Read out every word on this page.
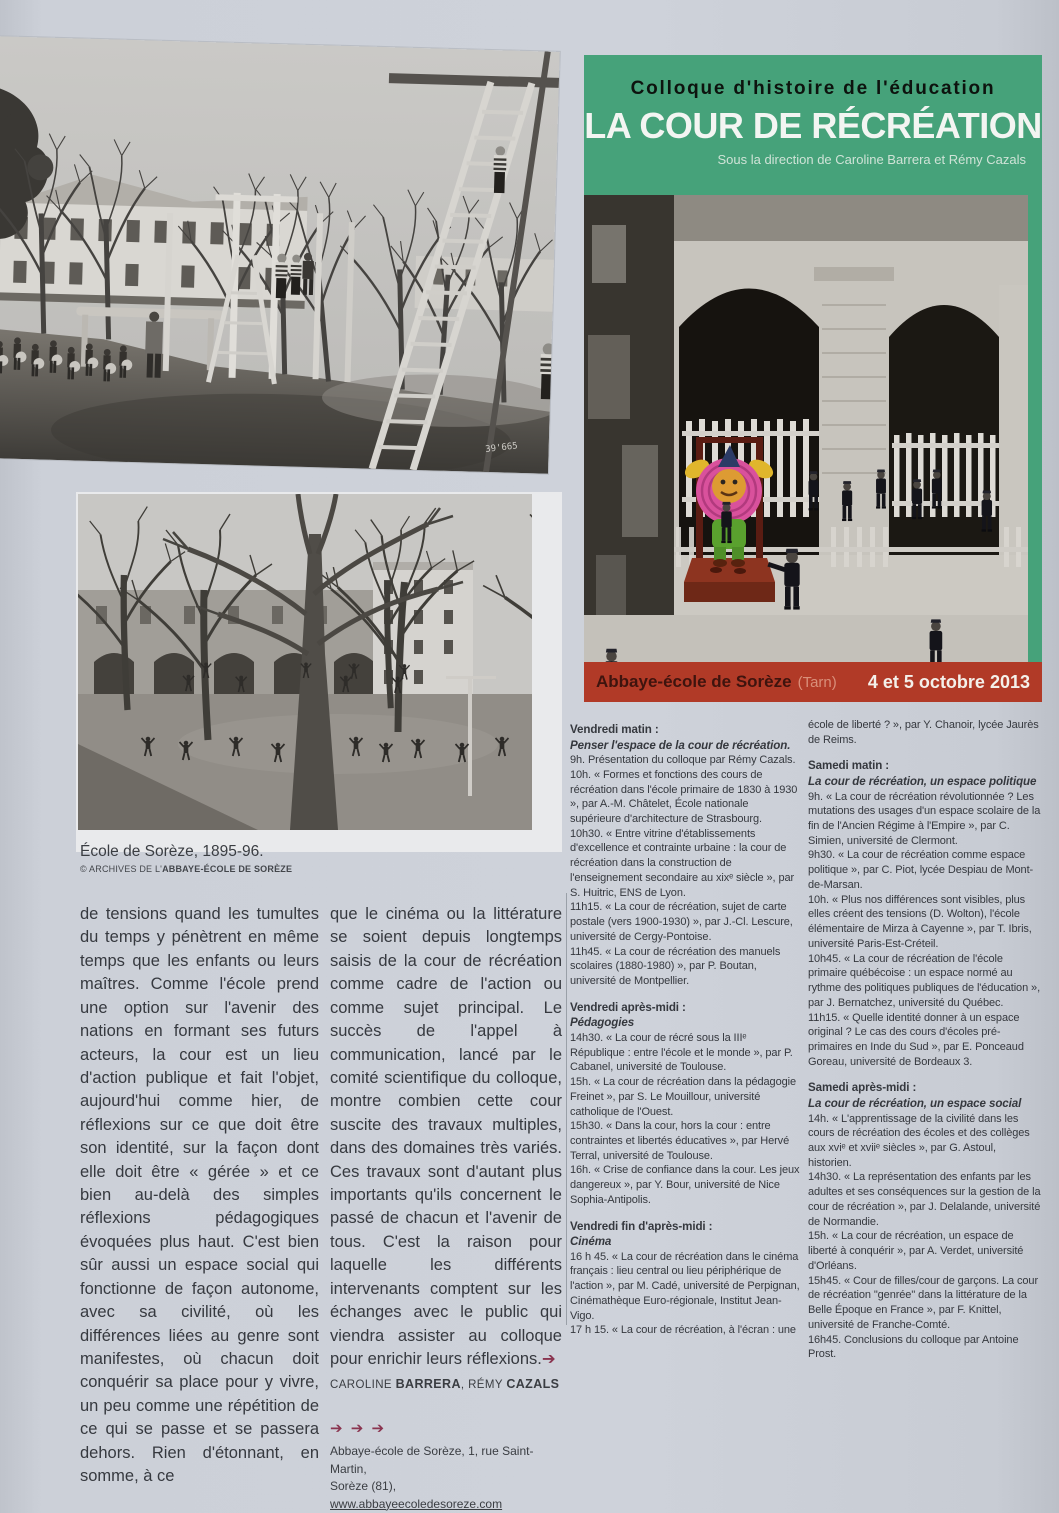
39'665
École de Sorèze, 1895-96.
© ARCHIVES DE L'ABBAYE-ÉCOLE DE SORÈZE
de tensions quand les tumultes du temps y pénètrent en même temps que les enfants ou leurs maîtres. Comme l'école prend une option sur l'avenir des nations en formant ses futurs acteurs, la cour est un lieu d'action publique et fait l'objet, aujourd'hui comme hier, de réflexions sur ce que doit être son identité, sur la façon dont elle doit être « gérée » et ce bien au-delà des simples réflexions pédagogiques évoquées plus haut. C'est bien sûr aussi un espace social qui fonctionne de façon autonome, avec sa civilité, où les différences liées au genre sont manifestes, où chacun doit conquérir sa place pour y vivre, un peu comme une répétition de ce qui se passe et se passera dehors. Rien d'étonnant, en somme, à ce
que le cinéma ou la littérature se soient depuis longtemps saisis de la cour de récréation comme cadre de l'action ou comme sujet principal. Le succès de l'appel à communication, lancé par le comité scientifique du colloque, montre combien cette cour suscite des travaux multiples, dans des domaines très variés. Ces travaux sont d'autant plus importants qu'ils concernent le passé de chacun et l'avenir de tous. C'est la raison pour laquelle les différents intervenants comptent sur les échanges avec le public qui viendra assister au colloque pour enrichir leurs réflexions.➔
CAROLINE BARRERA, RÉMY CAZALS
➔ ➔ ➔
Abbaye-école de Sorèze, 1, rue Saint-Martin,
Sorèze (81), www.abbayeecoledesoreze.com
Colloque d'histoire de l'éducation
LA COUR DE RÉCRÉATION
Sous la direction de Caroline Barrera et Rémy Cazals
Abbaye-école de Sorèze (Tarn) 4 et 5 octobre 2013
Vendredi matin :
Penser l'espace de la cour de récréation.
9h. Présentation du colloque par Rémy Cazals.
10h. « Formes et fonctions des cours de récréation dans l'école primaire de 1830 à 1930 », par A.-M. Châtelet, École nationale supérieure d'architecture de Strasbourg.
10h30. « Entre vitrine d'établissements d'excellence et contrainte urbaine : la cour de récréation dans la construction de l'enseignement secondaire au xixᵉ siècle », par S. Huitric, ENS de Lyon.
11h15. « La cour de récréation, sujet de carte postale (vers 1900-1930) », par J.-Cl. Lescure, université de Cergy-Pontoise.
11h45. « La cour de récréation des manuels scolaires (1880-1980) », par P. Boutan, université de Montpellier.
Vendredi après-midi :
Pédagogies
14h30. « La cour de récré sous la IIIᵉ République : entre l'école et le monde », par P. Cabanel, université de Toulouse.
15h. « La cour de récréation dans la pédagogie Freinet », par S. Le Mouillour, université catholique de l'Ouest.
15h30. « Dans la cour, hors la cour : entre contraintes et libertés éducatives », par Hervé Terral, université de Toulouse.
16h. « Crise de confiance dans la cour. Les jeux dangereux », par Y. Bour, université de Nice Sophia-Antipolis.
Vendredi fin d'après-midi :
Cinéma
16 h 45. « La cour de récréation dans le cinéma français : lieu central ou lieu périphérique de l'action », par M. Cadé, université de Perpignan, Cinémathèque Euro-régionale, Institut Jean-Vigo.
17 h 15. « La cour de récréation, à l'écran : une
école de liberté ? », par Y. Chanoir, lycée Jaurès de Reims.
Samedi matin :
La cour de récréation, un espace politique
9h. « La cour de récréation révolutionnée ? Les mutations des usages d'un espace scolaire de la fin de l'Ancien Régime à l'Empire », par C. Simien, université de Clermont.
9h30. « La cour de récréation comme espace politique », par C. Piot, lycée Despiau de Mont-de-Marsan.
10h. « Plus nos différences sont visibles, plus elles créent des tensions (D. Wolton), l'école élémentaire de Mirza à Cayenne », par T. Ibris, université Paris-Est-Créteil.
10h45. « La cour de récréation de l'école primaire québécoise : un espace normé au rythme des politiques publiques de l'éducation », par J. Bernatchez, université du Québec.
11h15. « Quelle identité donner à un espace original ? Le cas des cours d'écoles pré-primaires en Inde du Sud », par E. Ponceaud Goreau, université de Bordeaux 3.
Samedi après-midi :
La cour de récréation, un espace social
14h. « L'apprentissage de la civilité dans les cours de récréation des écoles et des collèges aux xviᵉ et xviiᵉ siècles », par G. Astoul, historien.
14h30. « La représentation des enfants par les adultes et ses conséquences sur la gestion de la cour de récréation », par J. Delalande, université de Normandie.
15h. « La cour de récréation, un espace de liberté à conquérir », par A. Verdet, université d'Orléans.
15h45. « Cour de filles/cour de garçons. La cour de récréation "genrée" dans la littérature de la Belle Époque en France », par F. Knittel, université de Franche-Comté.
16h45. Conclusions du colloque par Antoine Prost.
